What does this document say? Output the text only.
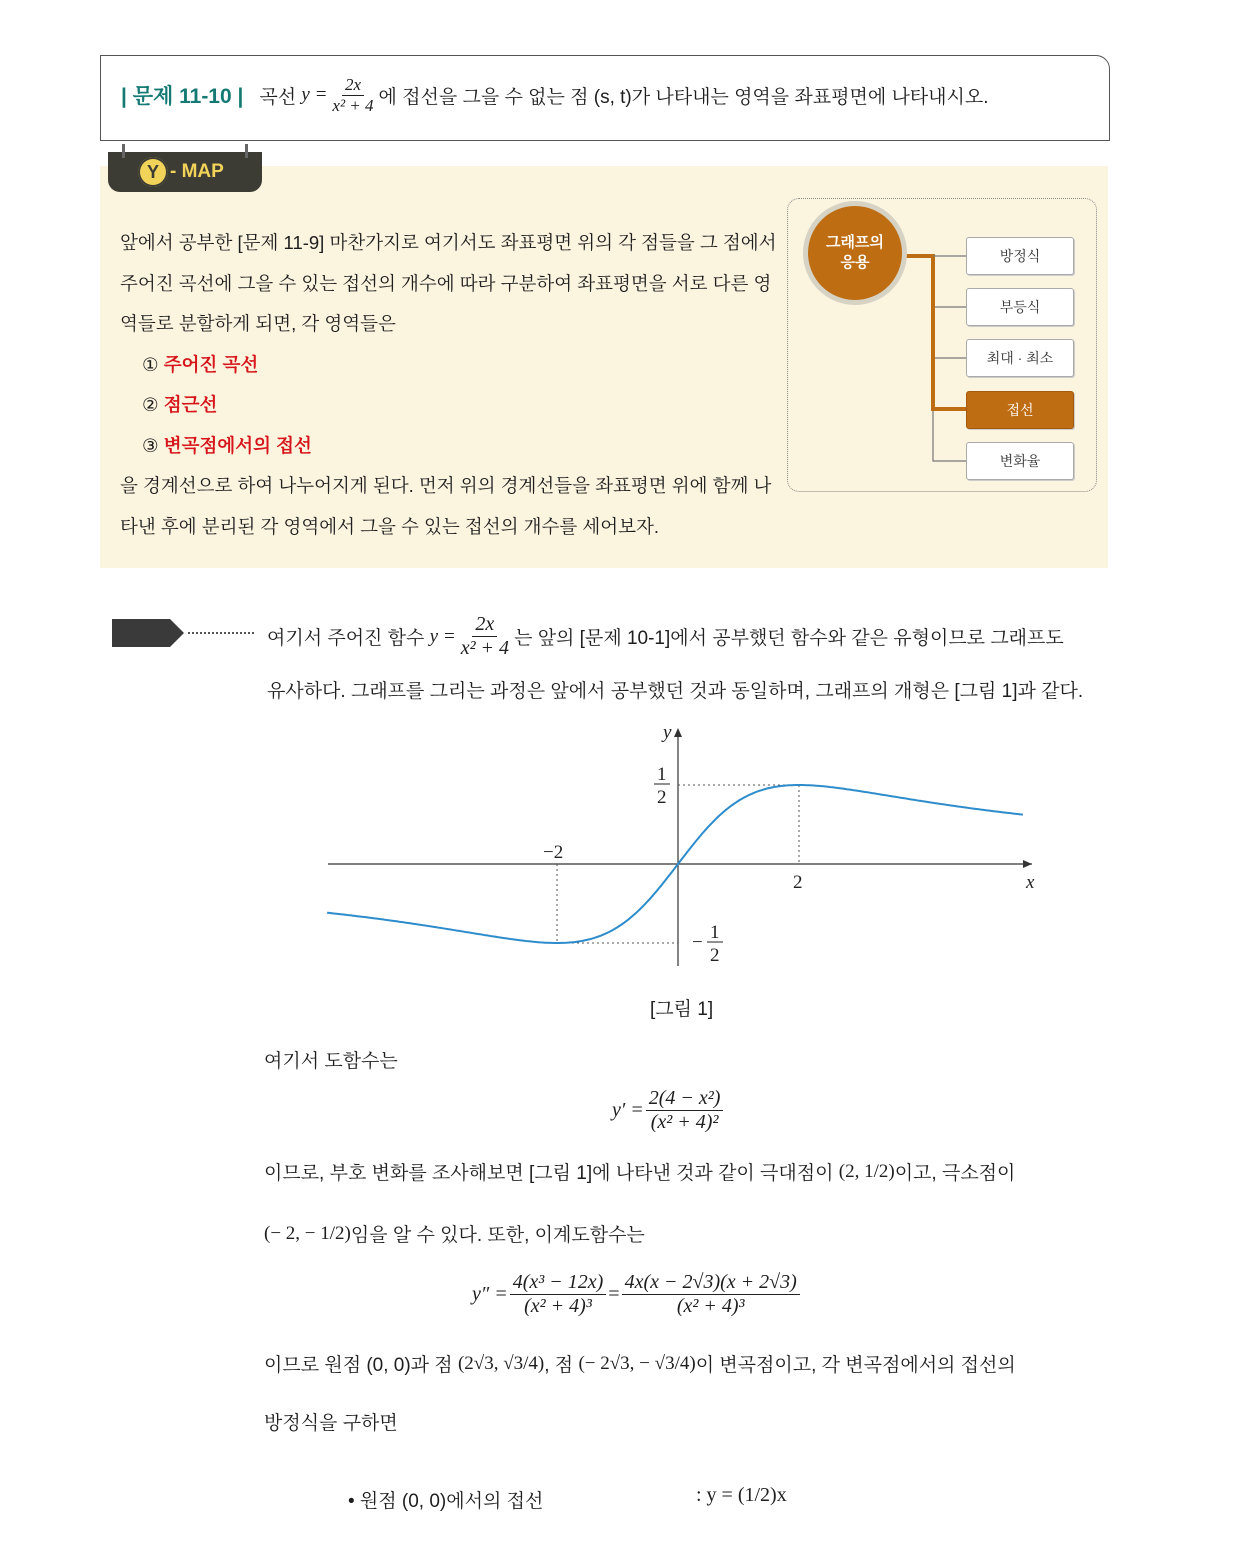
| 문제 11-10 | 곡선
$y = \frac{2x}{\text{x² + 4}}$ 에 접선을 그을 수 없는 점 (s, t)가 나타내는 영역을 좌표평면에 나타내시오.
Y - MAP
앞에서 공부한 [문제 11-9] 마찬가지로 여기서도 좌표평면 위의 각 점들을 그 점에서
주어진 곡선에 그을 수 있는 접선의 개수에 따라 구분하여 좌표평면을 서로 다른 영
역들로 분할하게 되면, 각 영역들은
① 주어진 곡선
② 점근선
③ 변곡점에서의 접선
을 경계선으로 하여 나누어지게 된다. 먼저 위의 경계선들을 좌표평면 위에 함께 나
타낸 후에 분리된 각 영역에서 그을 수 있는 접선의 개수를 세어보자.
그래프의
응용	방정식
부등식
최대 · 최소
접선
변화율
해설
여기서 주어진 함수
$y = \frac{2x}{\text{x² + 4}}$ 는 앞의 [문제 10-1]에서 공부했던 함수와 같은 유형이므로 그래프도
유사하다. 그래프를 그리는 과정은 앞에서 공부했던 것과 동일하며, 그래프의 개형은 [그림 1]과 같다.
−2
2	x
y
1
2
− 1
2
[그림 1]
여기서 도함수는
$y' = \frac{\text{2(4 − x²)}}{\text{(x² + 4)²}}$
이므로, 부호 변화를 조사해보면 [그림 1]에 나타낸 것과 같이 극대점이
(2, 1/2) 이고, 극소점이
(− 2, − 1/2) 임을 알 수 있다. 또한, 이계도함수는
$y'' = \frac{\text{4(x³ − 12x)}}{\text{(x² + 4)³}} = \frac{4x(x - 2√3)(x + 2√3)}{\text{(x² + 4)³}}$
이므로 원점 (0, 0)과 점
(2√3, √3/4) , 점
(− 2√3, − √3/4) 이 변곡점이고, 각 변곡점에서의 접선의
방정식을 구하면
• 원점 (0, 0)에서의 접선	: y = (1/2)x
